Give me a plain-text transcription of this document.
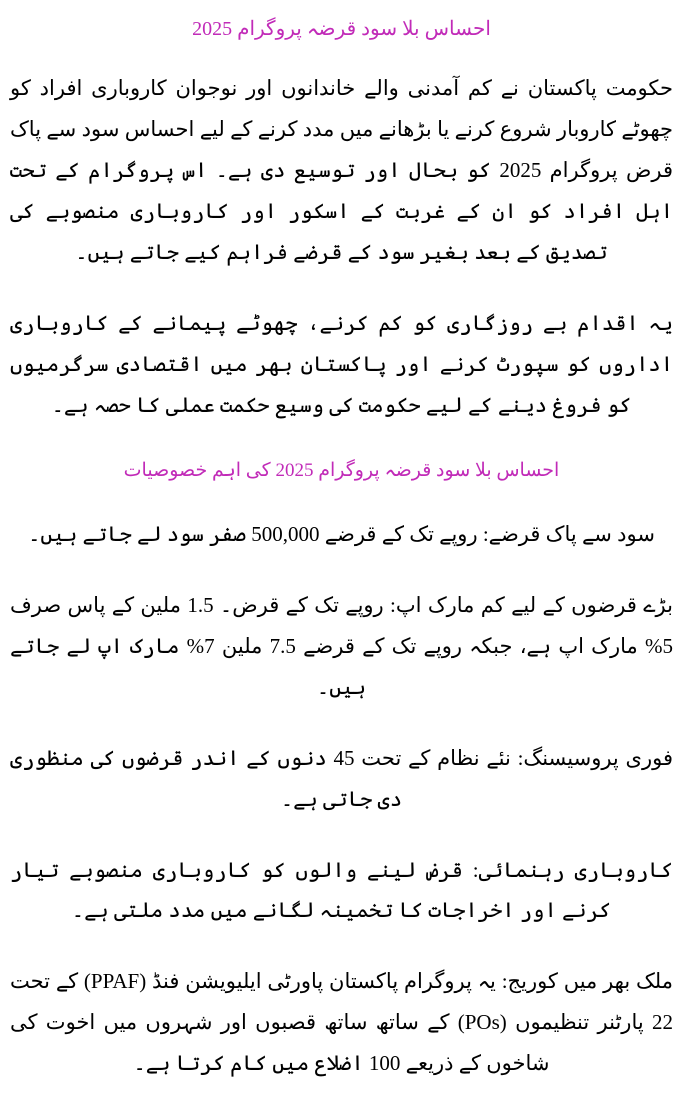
احساس بلا سود قرضہ پروگرام 2025

حکومت پاکستان نے کم آمدنی والے خاندانوں اور نوجوان کاروباری افراد کو چھوٹے کاروبار شروع کرنے یا بڑھانے میں مدد کرنے کے لیے احساس سود سے پاک قرض پروگرام 2025 کو بحال اور توسیع دی ہے۔ اس پروگرام کے تحت اہل افراد کو ان کے غربت کے اسکور اور کاروباری منصوبے کی تصدیق کے بعد بغیر سود کے قرضے فراہم کیے جاتے ہیں۔

یہ اقدام بے روزگاری کو کم کرنے، چھوٹے پیمانے کے کاروباری اداروں کو سپورٹ کرنے اور پاکستان بھر میں اقتصادی سرگرمیوں کو فروغ دینے کے لیے حکومت کی وسیع حکمت عملی کا حصہ ہے۔

احساس بلا سود قرضہ پروگرام 2025 کی اہم خصوصیات

سود سے پاک قرضے: روپے تک کے قرضے 500,000 صفر سود لے جاتے ہیں۔

بڑے قرضوں کے لیے کم مارک اپ: روپے تک کے قرض۔ 1.5 ملین کے پاس صرف 5% مارک اپ ہے، جبکہ روپے تک کے قرضے 7.5 ملین 7% مارک اپ لے جاتے ہیں۔

فوری پروسیسنگ: نئے نظام کے تحت 45 دنوں کے اندر قرضوں کی منظوری دی جاتی ہے۔

کاروباری رہنمائی: قرض لینے والوں کو کاروباری منصوبے تیار کرنے اور اخراجات کا تخمینہ لگانے میں مدد ملتی ہے۔

ملک بھر میں کوریج: یہ پروگرام پاکستان پاورٹی ایلیویشن فنڈ (PPAF) کے تحت 22 پارٹنر تنظیموں (POs) کے ساتھ ساتھ قصبوں اور شہروں میں اخوت کی شاخوں کے ذریعے 100 اضلاع میں کام کرتا ہے۔
